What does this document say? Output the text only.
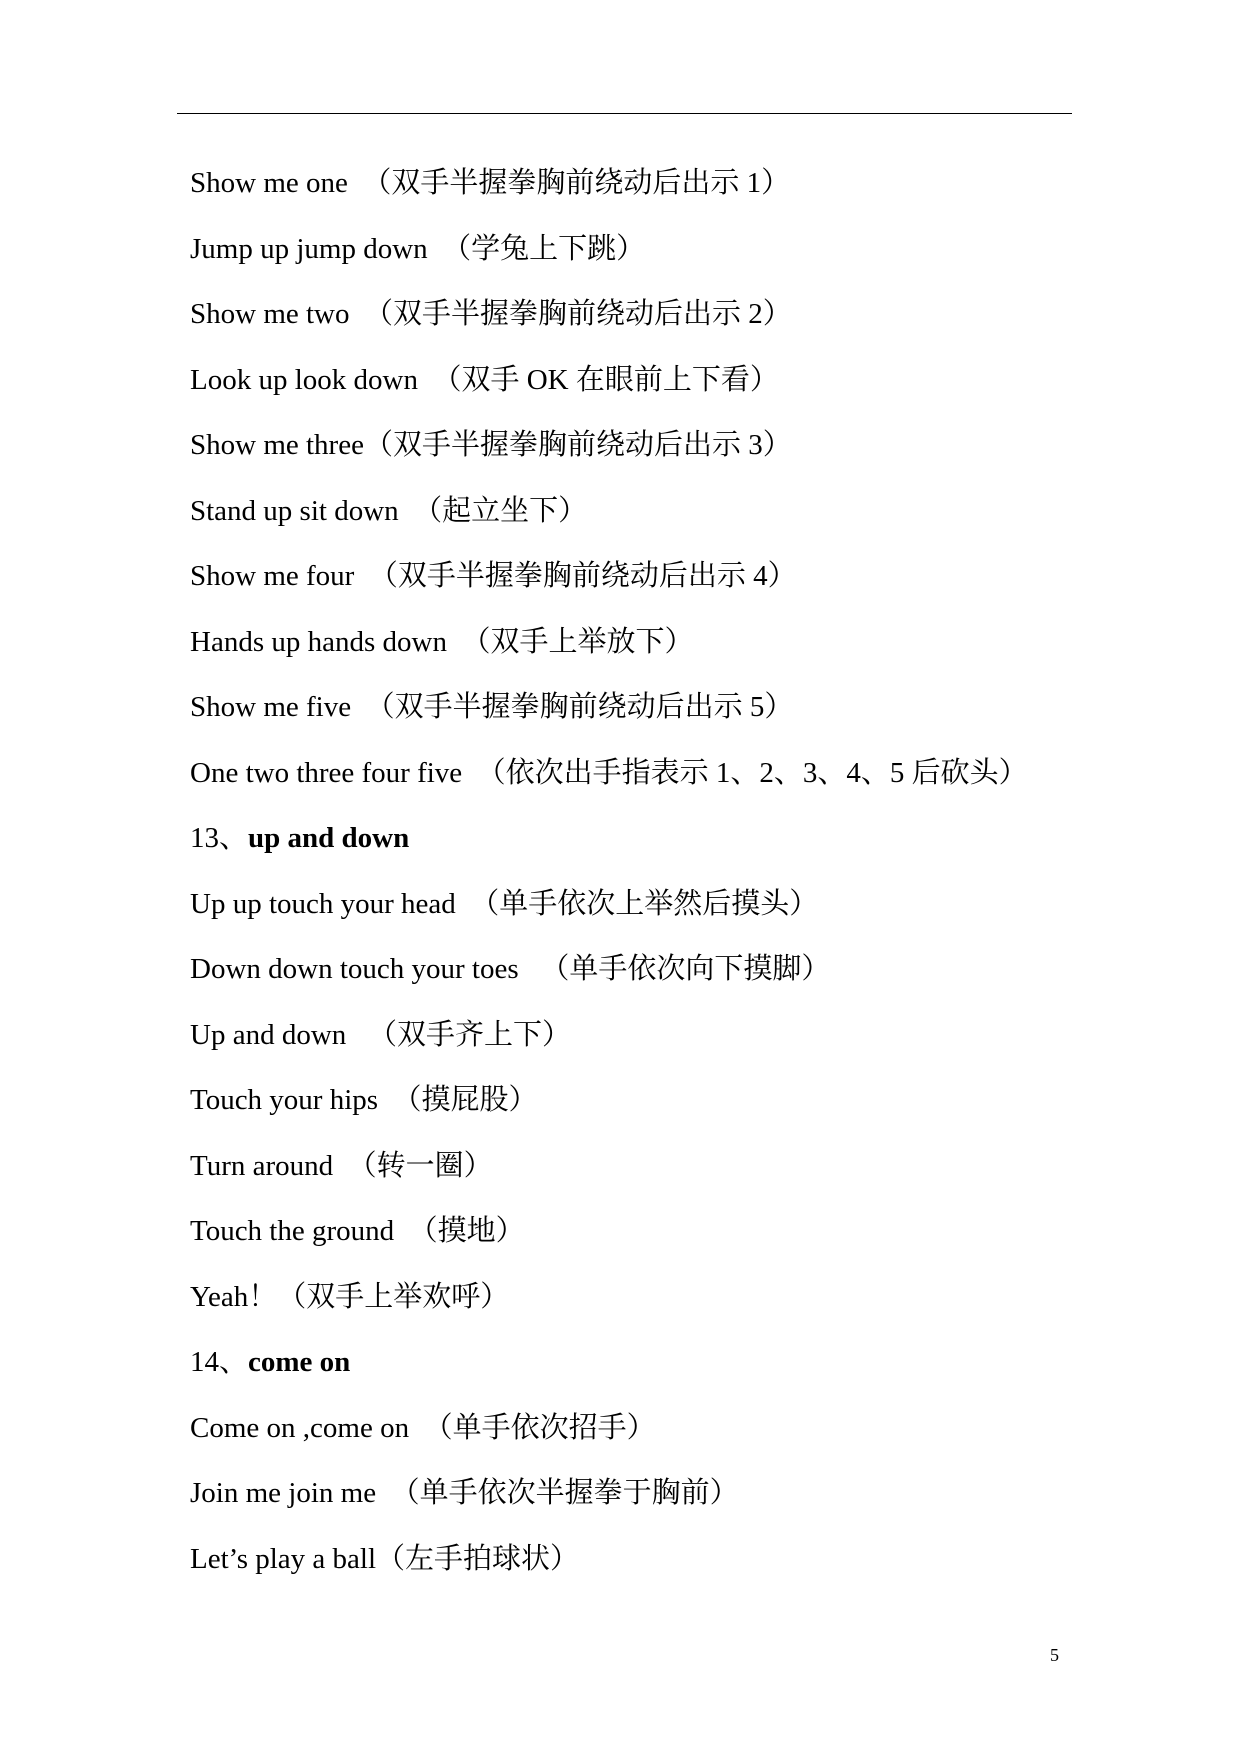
Show me one  （双手半握拳胸前绕动后出示 1）
Jump up jump down  （学兔上下跳）
Show me two  （双手半握拳胸前绕动后出示 2）
Look up look down  （双手 OK 在眼前上下看）
Show me three（双手半握拳胸前绕动后出示 3）
Stand up sit down  （起立坐下）
Show me four  （双手半握拳胸前绕动后出示 4）
Hands up hands down  （双手上举放下）
Show me five  （双手半握拳胸前绕动后出示 5）
One two three four five  （依次出手指表示 1、2、3、4、5 后砍头）
13、up and down
Up up touch your head  （单手依次上举然后摸头）
Down down touch your toes   （单手依次向下摸脚）
Up and down   （双手齐上下）
Touch your hips  （摸屁股）
Turn around  （转一圈）
Touch the ground  （摸地）
Yeah！（双手上举欢呼）
14、come on
Come on ,come on  （单手依次招手）
Join me join me  （单手依次半握拳于胸前）
Let’s play a ball（左手拍球状）
5
